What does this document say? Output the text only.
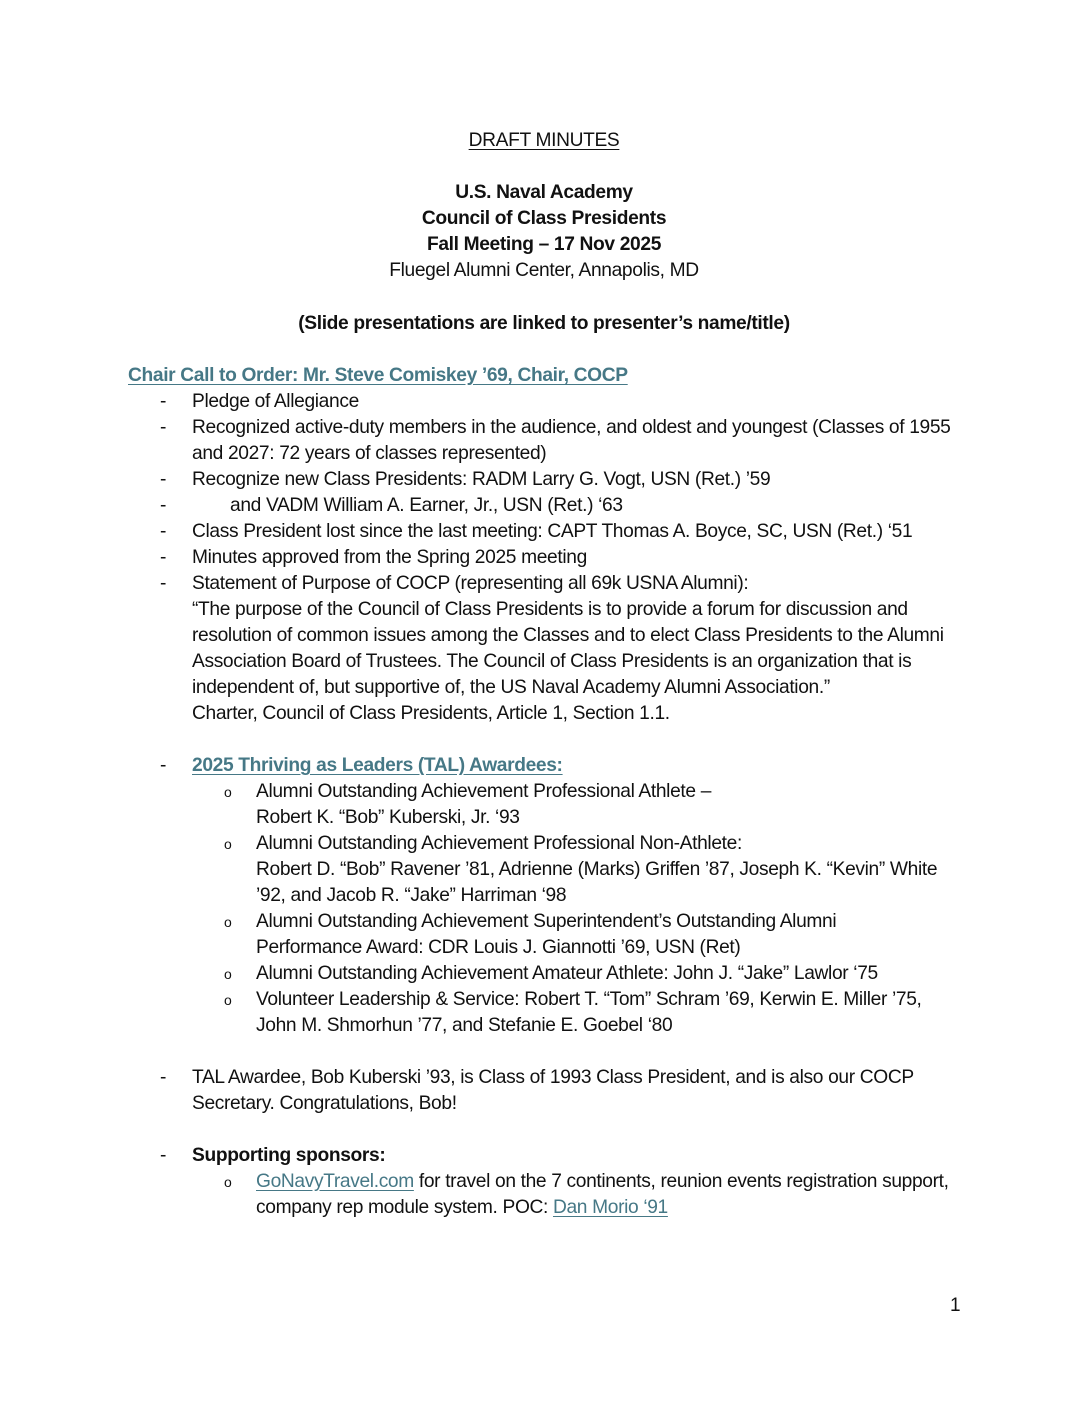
DRAFT MINUTES
U.S. Naval Academy
Council of Class Presidents
Fall Meeting – 17 Nov 2025
Fluegel Alumni Center, Annapolis, MD
(Slide presentations are linked to presenter’s name/title)
Chair Call to Order: Mr. Steve Comiskey ’69, Chair, COCP
- Pledge of Allegiance
- Recognized active-duty members in the audience, and oldest and youngest (Classes of 1955 and 2027: 72 years of classes represented)
- Recognize new Class Presidents: RADM Larry G. Vogt, USN (Ret.) ’59
-	and VADM William A. Earner, Jr., USN (Ret.) ‘63
- Class President lost since the last meeting: CAPT Thomas A. Boyce, SC, USN (Ret.) ‘51
- Minutes approved from the Spring 2025 meeting
- Statement of Purpose of COCP (representing all 69k USNA Alumni):
“The purpose of the Council of Class Presidents is to provide a forum for discussion and resolution of common issues among the Classes and to elect Class Presidents to the Alumni Association Board of Trustees. The Council of Class Presidents is an organization that is independent of, but supportive of, the US Naval Academy Alumni Association.”
Charter, Council of Class Presidents, Article 1, Section 1.1.
- 2025 Thriving as Leaders (TAL) Awardees:
o Alumni Outstanding Achievement Professional Athlete –
Robert K. “Bob” Kuberski, Jr. ‘93
o Alumni Outstanding Achievement Professional Non-Athlete:
Robert D. “Bob” Ravener ’81, Adrienne (Marks) Griffen ’87, Joseph K. “Kevin” White ’92, and Jacob R. “Jake” Harriman ‘98
o Alumni Outstanding Achievement Superintendent’s Outstanding Alumni
Performance Award: CDR Louis J. Giannotti ’69, USN (Ret)
o Alumni Outstanding Achievement Amateur Athlete: John J. “Jake” Lawlor ‘75
o Volunteer Leadership & Service: Robert T. “Tom” Schram ’69, Kerwin E. Miller ’75,
John M. Shmorhun ’77, and Stefanie E. Goebel ‘80
- TAL Awardee, Bob Kuberski ’93, is Class of 1993 Class President, and is also our COCP Secretary. Congratulations, Bob!
- Supporting sponsors:
o GoNavyTravel.com for travel on the 7 continents, reunion events registration support, company rep module system. POC: Dan Morio ‘91
1
